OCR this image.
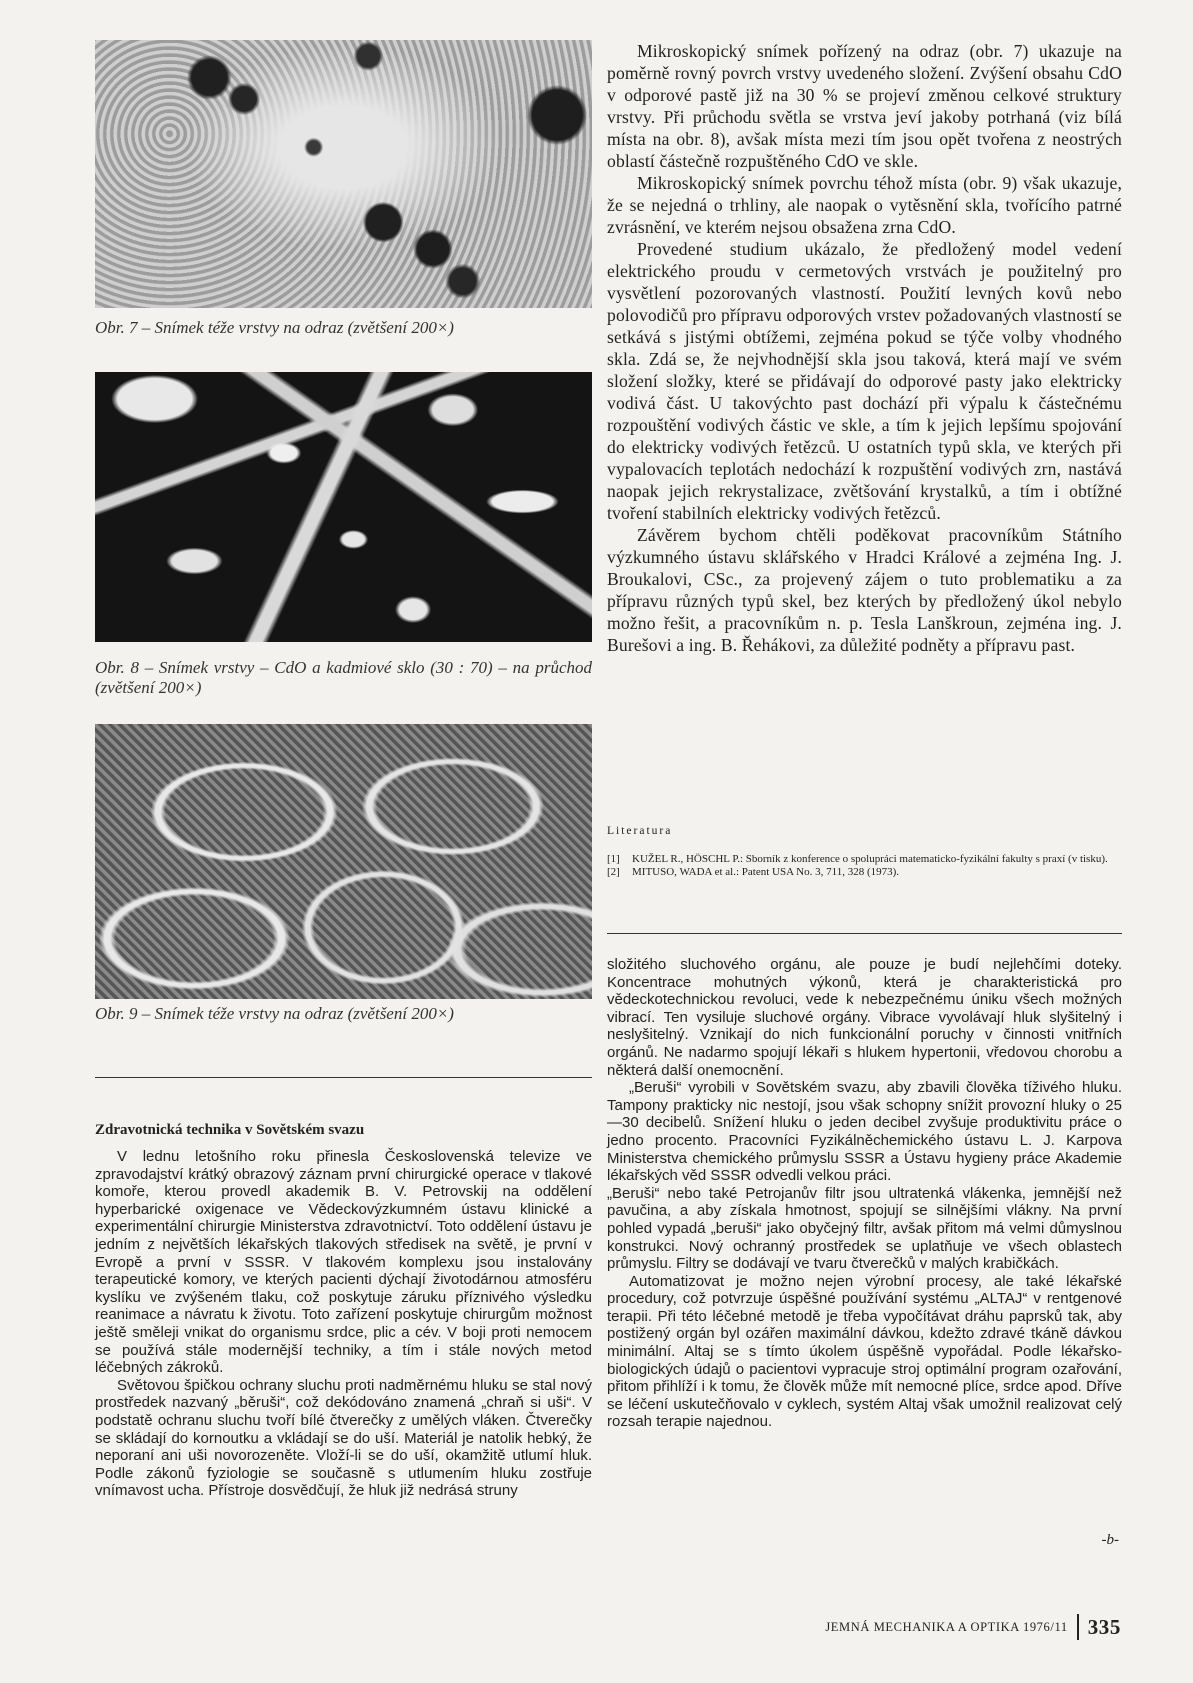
Obr. 7 – Snímek téže vrstvy na odraz (zvětšení 200×)
Obr. 8 – Snímek vrstvy – CdO a kadmiové sklo (30 : 70) – na průchod (zvětšení 200×)
Obr. 9 – Snímek téže vrstvy na odraz (zvětšení 200×)

Mikroskopický snímek pořízený na odraz (obr. 7) ukazuje na poměrně rovný povrch vrstvy uvedeného složení. Zvýšení obsahu CdO v odporové pastě již na 30 % se projeví změnou celkové struktury vrstvy. Při průchodu světla se vrstva jeví jakoby potrhaná (viz bílá místa na obr. 8), avšak místa mezi tím jsou opět tvořena z neostrých oblastí částečně rozpuštěného CdO ve skle.

Mikroskopický snímek povrchu téhož místa (obr. 9) však ukazuje, že se nejedná o trhliny, ale naopak o vytěsnění skla, tvořícího patrné zvrásnění, ve kterém nejsou obsažena zrna CdO.

Provedené studium ukázalo, že předložený model vedení elektrického proudu v cermetových vrstvách je použitelný pro vysvětlení pozorovaných vlastností. Použití levných kovů nebo polovodičů pro přípravu odporových vrstev požadovaných vlastností se setkává s jistými obtížemi, zejména pokud se týče volby vhodného skla. Zdá se, že nejvhodnější skla jsou taková, která mají ve svém složení složky, které se přidávají do odporové pasty jako elektricky vodivá část. U takovýchto past dochází při výpalu k částečnému rozpouštění vodivých částic ve skle, a tím k jejich lepšímu spojování do elektricky vodivých řetězců. U ostatních typů skla, ve kterých při vypalovacích teplotách nedochází k rozpuštění vodivých zrn, nastává naopak jejich rekrystalizace, zvětšování krystalků, a tím i obtížné tvoření stabilních elektricky vodivých řetězců.

Závěrem bychom chtěli poděkovat pracovníkům Státního výzkumného ústavu sklářského v Hradci Králové a zejména Ing. J. Broukalovi, CSc., za projevený zájem o tuto problematiku a za přípravu různých typů skel, bez kterých by předložený úkol nebylo možno řešit, a pracovníkům n. p. Tesla Lanškroun, zejména ing. J. Burešovi a ing. B. Řehákovi, za důležité podněty a přípravu past.

Literatura
[1]	KUŽEL R., HÖSCHL P.: Sborník z konference o spolupráci matematicko-fyzikální fakulty s praxí (v tisku).
[2]	MITUSO, WADA et al.: Patent USA No. 3, 711, 328 (1973).
Zdravotnická technika v Sovětském svazu

V lednu letošního roku přinesla Československá televize ve zpravodajství krátký obrazový záznam první chirurgické operace v tlakové komoře, kterou provedl akademik B. V. Petrovskij na oddělení hyperbarické oxigenace ve Vědeckovýzkumném ústavu klinické a experimentální chirurgie Ministerstva zdravotnictví. Toto oddělení ústavu je jedním z největších lékařských tlakových středisek na světě, je první v Evropě a první v SSSR. V tlakovém komplexu jsou instalovány terapeutické komory, ve kterých pacienti dýchají životodárnou atmosféru kyslíku ve zvýšeném tlaku, což poskytuje záruku příznivého výsledku reanimace a návratu k životu. Toto zařízení poskytuje chirurgům možnost ještě směleji vnikat do organismu srdce, plic a cév. V boji proti nemocem se používá stále modernější techniky, a tím i stále nových metod léčebných zákroků.

Světovou špičkou ochrany sluchu proti nadměrnému hluku se stal nový prostředek nazvaný „běruši“, což dekódováno znamená „chraň si uši“. V podstatě ochranu sluchu tvoří bílé čtverečky z umělých vláken. Čtverečky se skládají do kornoutku a vkládají se do uší. Materiál je natolik hebký, že neporaní ani uši novorozeněte. Vloží-li se do uší, okamžitě utlumí hluk. Podle zákonů fyziologie se současně s utlumením hluku zostřuje vnímavost ucha. Přístroje dosvědčují, že hluk již nedrásá struny

složitého sluchového orgánu, ale pouze je budí nejlehčími doteky. Koncentrace mohutných výkonů, která je charakteristická pro vědeckotechnickou revoluci, vede k nebezpečnému úniku všech možných vibrací. Ten vysiluje sluchové orgány. Vibrace vyvolávají hluk slyšitelný i neslyšitelný. Vznikají do nich funkcionální poruchy v činnosti vnitřních orgánů. Ne nadarmo spojují lékaři s hlukem hypertonii, vředovou chorobu a některá další onemocnění.

„Beruši“ vyrobili v Sovětském svazu, aby zbavili člověka tíživého hluku. Tampony prakticky nic nestojí, jsou však schopny snížit provozní hluky o 25—30 decibelů. Snížení hluku o jeden decibel zvyšuje produktivitu práce o jedno procento. Pracovníci Fyzikálněchemického ústavu L. J. Karpova Ministerstva chemického průmyslu SSSR a Ústavu hygieny práce Akademie lékařských věd SSSR odvedli velkou práci.

„Beruši“ nebo také Petrojanův filtr jsou ultratenká vlákenka, jemnější než pavučina, a aby získala hmotnost, spojují se silnějšími vlákny. Na první pohled vypadá „beruši“ jako obyčejný filtr, avšak přitom má velmi důmyslnou konstrukci. Nový ochranný prostředek se uplatňuje ve všech oblastech průmyslu. Filtry se dodávají ve tvaru čtverečků v malých krabičkách.

Automatizovat je možno nejen výrobní procesy, ale také lékařské procedury, což potvrzuje úspěšné používání systému „ALTAJ“ v rentgenové terapii. Při této léčebné metodě je třeba vypočítávat dráhu paprsků tak, aby postižený orgán byl ozářen maximální dávkou, kdežto zdravé tkáně dávkou minimální. Altaj se s tímto úkolem úspěšně vypořádal. Podle lékařsko-biologických údajů o pacientovi vypracuje stroj optimální program ozařování, přitom přihlíží i k tomu, že člověk může mít nemocné plíce, srdce apod. Dříve se léčení uskutečňovalo v cyklech, systém Altaj však umožnil realizovat celý rozsah terapie najednou.

-b-
JEMNÁ MECHANIKA A OPTIKA 1976/11 335
